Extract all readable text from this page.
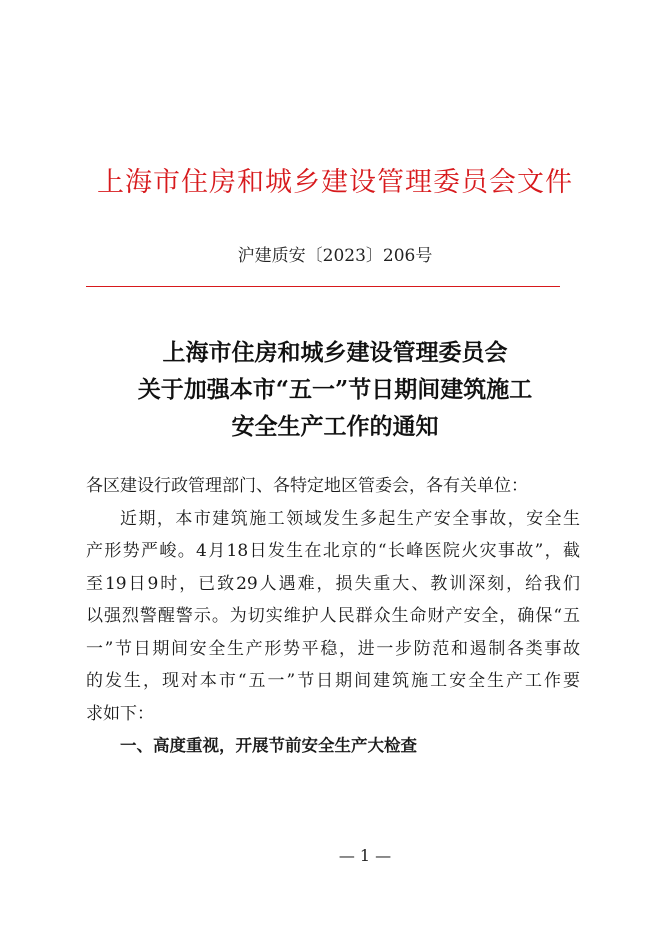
上海市住房和城乡建设管理委员会文件
沪建质安〔2023〕206号
上海市住房和城乡建设管理委员会
关于加强本市“五一”节日期间建筑施工
安全生产工作的通知
各区建设行政管理部门、各特定地区管委会，各有关单位：
近期，本市建筑施工领域发生多起生产安全事故，安全生
产形势严峻。4月18日发生在北京的“长峰医院火灾事故”，截
至19日9时，已致29人遇难，损失重大、教训深刻，给我们
以强烈警醒警示。为切实维护人民群众生命财产安全，确保“五
一”节日期间安全生产形势平稳，进一步防范和遏制各类事故
的发生，现对本市“五一”节日期间建筑施工安全生产工作要
求如下：
一、高度重视，开展节前安全生产大检查
— 1 —
